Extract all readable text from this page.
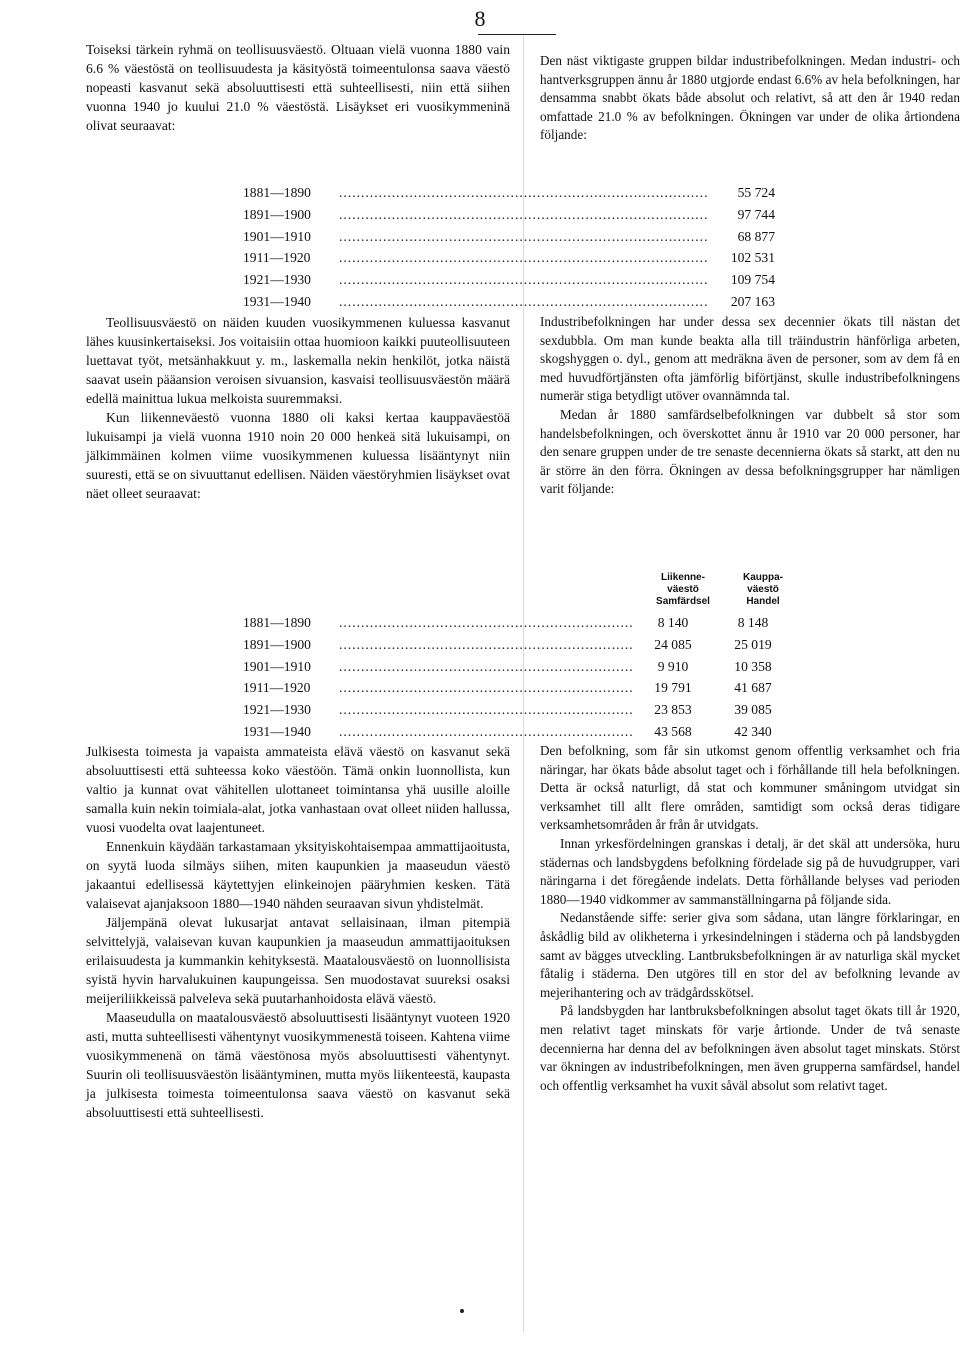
8

Toiseksi tärkein ryhmä on teollisuusväestö. Oltuaan vielä vuonna 1880 vain 6.6 % väestöstä on teollisuudesta ja käsityöstä toimeentulonsa saava väestö nopeasti kasvanut sekä absoluuttisesti että suhteellisesti, niin että siihen vuonna 1940 jo kuului 21.0 % väestöstä. Lisäykset eri vuosikymmeninä olivat seuraavat:

Den näst viktigaste gruppen bildar industribefolkningen. Medan industri- och hantverksgruppen ännu år 1880 utgjorde endast 6.6% av hela befolkningen, har densamma snabbt ökats både absolut och relativt, så att den år 1940 redan omfattade 21.0 % av befolkningen. Ökningen var under de olika årtiondena följande:

1881—1890 .....	55 724
1891—1900 .....	97 744
1901—1910 .....	68 877
1911—1920 .....	102 531
1921—1930 .....	109 754
1931—1940 .....	207 163

Teollisuusväestö on näiden kuuden vuosikymmenen kuluessa kasvanut lähes kuusinkertaiseksi. Jos voitaisiin ottaa huomioon kaikki puuteollisuuteen luettavat työt, metsänhakkuut y. m., laskemalla nekin henkilöt, jotka näistä saavat usein pääansion veroisen sivuansion, kasvaisi teollisuusväestön määrä edellä mainittua lukua melkoista suuremmaksi.

Kun liikenneväestö vuonna 1880 oli kaksi kertaa kauppaväestöä lukuisampi ja vielä vuonna 1910 noin 20 000 henkeä sitä lukuisampi, on jälkimmäinen kolmen viime vuosikymmenen kuluessa lisääntynyt niin suuresti, että se on sivuuttanut edellisen. Näiden väestöryhmien lisäykset ovat näet olleet seuraavat:

Industribefolkningen har under dessa sex decennier ökats till nästan det sexdubbla. Om man kunde beakta alla till träindustrin hänförliga arbeten, skogshyggen o. dyl., genom att medräkna även de personer, som av dem få en med huvudförtjänsten ofta jämförlig biförtjänst, skulle industribefolkningens numerär stiga betydligt utöver ovannämnda tal.

Medan år 1880 samfärdselbefolkningen var dubbelt så stor som handelsbefolkningen, och överskottet ännu år 1910 var 20 000 personer, har den senare gruppen under de tre senaste decennierna ökats så starkt, att den nu är större än den förra. Ökningen av dessa befolkningsgrupper har nämligen varit följande:

Liikenne-
väestö
Samfärdsel
Kauppa-
väestö
Handel
1881—1890 .....	8 140	8 148
1891—1900 .....	24 085	25 019
1901—1910 .....	9 910	10 358
1911—1920 .....	19 791	41 687
1921—1930 .....	23 853	39 085
1931—1940 .....	43 568	42 340

Julkisesta toimesta ja vapaista ammateista elävä väestö on kasvanut sekä absoluuttisesti että suhteessa koko väestöön. Tämä onkin luonnollista, kun valtio ja kunnat ovat vähitellen ulottaneet toimintansa yhä uusille aloille samalla kuin nekin toimiala-alat, jotka vanhastaan ovat olleet niiden hallussa, vuosi vuodelta ovat laajentuneet.

Ennenkuin käydään tarkastamaan yksityiskohtaisempaa ammattijaoitusta, on syytä luoda silmäys siihen, miten kaupunkien ja maaseudun väestö jakaantui edellisessä käytettyjen elinkeinojen pääryhmien kesken. Tätä valaisevat ajanjaksoon 1880—1940 nähden seuraavan sivun yhdistelmät.

Jäljempänä olevat lukusarjat antavat sellaisinaan, ilman pitempiä selvittelyjä, valaisevan kuvan kaupunkien ja maaseudun ammattijaoituksen erilaisuudesta ja kummankin kehityksestä. Maatalousväestö on luonnollisista syistä hyvin harvalukuinen kaupungeissa. Sen muodostavat suureksi osaksi meijeriliikkeissä palveleva sekä puutarhanhoidosta elävä väestö.

Maaseudulla on maatalousväestö absoluuttisesti lisääntynyt vuoteen 1920 asti, mutta suhteellisesti vähentynyt vuosikymmenestä toiseen. Kahtena viime vuosikymmenenä on tämä väestönosa myös absoluuttisesti vähentynyt. Suurin oli teollisuusväestön lisääntyminen, mutta myös liikenteestä, kaupasta ja julkisesta toimesta toimeentulonsa saava väestö on kasvanut sekä absoluuttisesti että suhteellisesti.

Den befolkning, som får sin utkomst genom offentlig verksamhet och fria näringar, har ökats både absolut taget och i förhållande till hela befolkningen. Detta är också naturligt, då stat och kommuner småningom utvidgat sin verksamhet till allt flere områden, samtidigt som också deras tidigare verksamhetsområden år från år utvidgats.

Innan yrkesfördelningen granskas i detalj, är det skäl att undersöka, huru städernas och landsbygdens befolkning fördelade sig på de huvudgrupper, vari näringarna i det föregående indelats. Detta förhållande belyses vad perioden 1880—1940 vidkommer av sammanställningarna på följande sida.

Nedanstående siffe: serier giva som sådana, utan längre förklaringar, en åskådlig bild av olikheterna i yrkesindelningen i städerna och på landsbygden samt av bägges utveckling. Lantbruksbefolkningen är av naturliga skäl mycket fåtalig i städerna. Den utgöres till en stor del av befolkning levande av mejerihantering och av trädgårdsskötsel.

På landsbygden har lantbruksbefolkningen absolut taget ökats till år 1920, men relativt taget minskats för varje årtionde. Under de två senaste decennierna har denna del av befolkningen även absolut taget minskats. Störst var ökningen av industribefolkningen, men även grupperna samfärdsel, handel och offentlig verksamhet ha vuxit såväl absolut som relativt taget.
